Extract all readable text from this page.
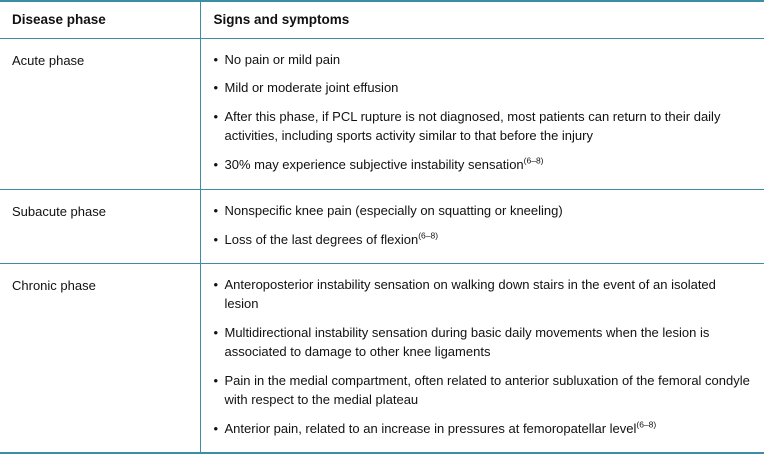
Disease phase	Signs and symptoms
Acute phase	
•No pain or mild pain
• Mild or moderate joint effusion
• After this phase, if PCL rupture is not diagnosed, most patients can return to their daily activities, including sports activity similar to that before the injury
• 30% may experience subjective instability sensation$^{(6-8)}$

Subacute phase	
•Nonspecific knee pain (especially on squatting or kneeling)
• Loss of the last degrees of flexion$^{(6-8)}$

Chronic phase	
•Anteroposterior instability sensation on walking down stairs in the event of an isolated lesion
• Multidirectional instability sensation during basic daily movements when the lesion is associated to damage to other knee ligaments
• Pain in the medial compartment, often related to anterior subluxation of the femoral condyle with respect to the medial plateau
• Anterior pain, related to an increase in pressures at femoropatellar level$^{(6-8)}$
